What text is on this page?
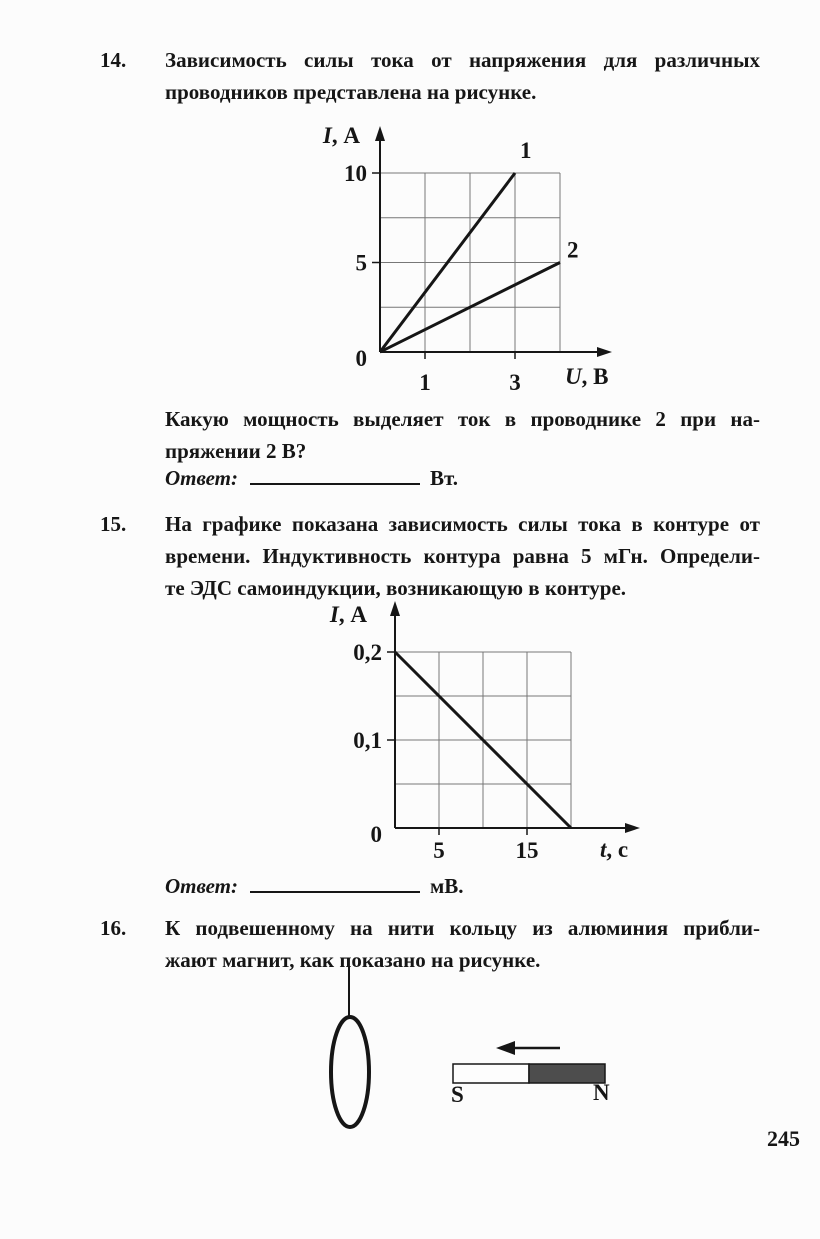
14.	Зависимость силы тока от напряжения для различных
проводников представлена на рисунке.
1
2
10
5
1	3
0
I, А
U, В
Какую мощность выделяет ток в проводнике 2 при на-
пряжении 2 В?
Ответ:	Вт.
15.	На графике показана зависимость силы тока в контуре от
времени. Индуктивность контура равна 5 мГн. Определи-
те ЭДС самоиндукции, возникающую в контуре.
0,2
0,1
5	15
0
I, А
t, с
Ответ:	мВ.
16.	К подвешенному на нити кольцу из алюминия прибли-
жают магнит, как показано на рисунке.
S	N
245
